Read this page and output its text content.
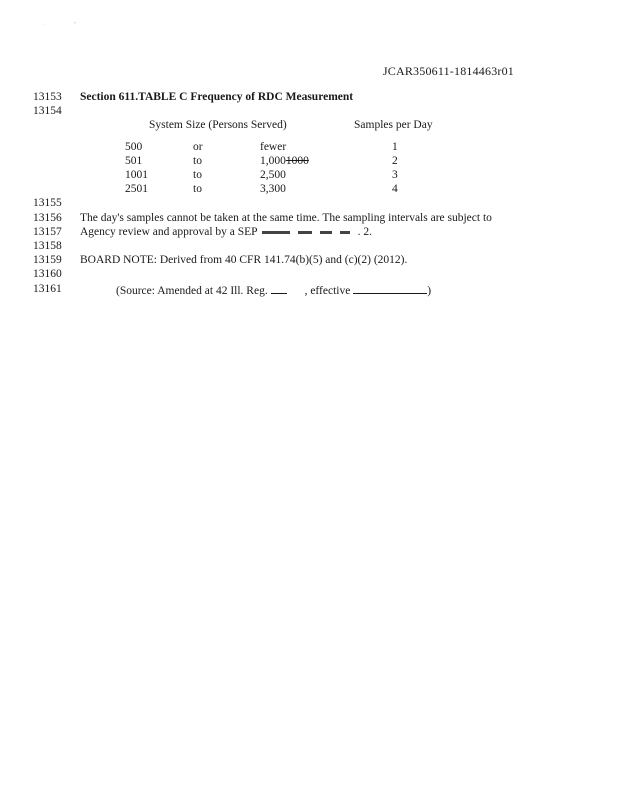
·	"
JCAR350611-1814463r01
13153
13154
13155
13156
13157
13158
13159
13160
13161
Section 611.TABLE C Frequency of RDC Measurement
System Size (Persons Served)	Samples per Day
500	or	fewer	1
501	to	1,0001000	2
1001	to	2,500	3
2501	to	3,300	4
The day's samples cannot be taken at the same time. The sampling intervals are subject to
Agency review and approval by a SEP	. 2.
BOARD NOTE: Derived from 40 CFR 141.74(b)(5) and (c)(2) (2012).
(Source: Amended at 42 Ill. Reg.	, effective	)
